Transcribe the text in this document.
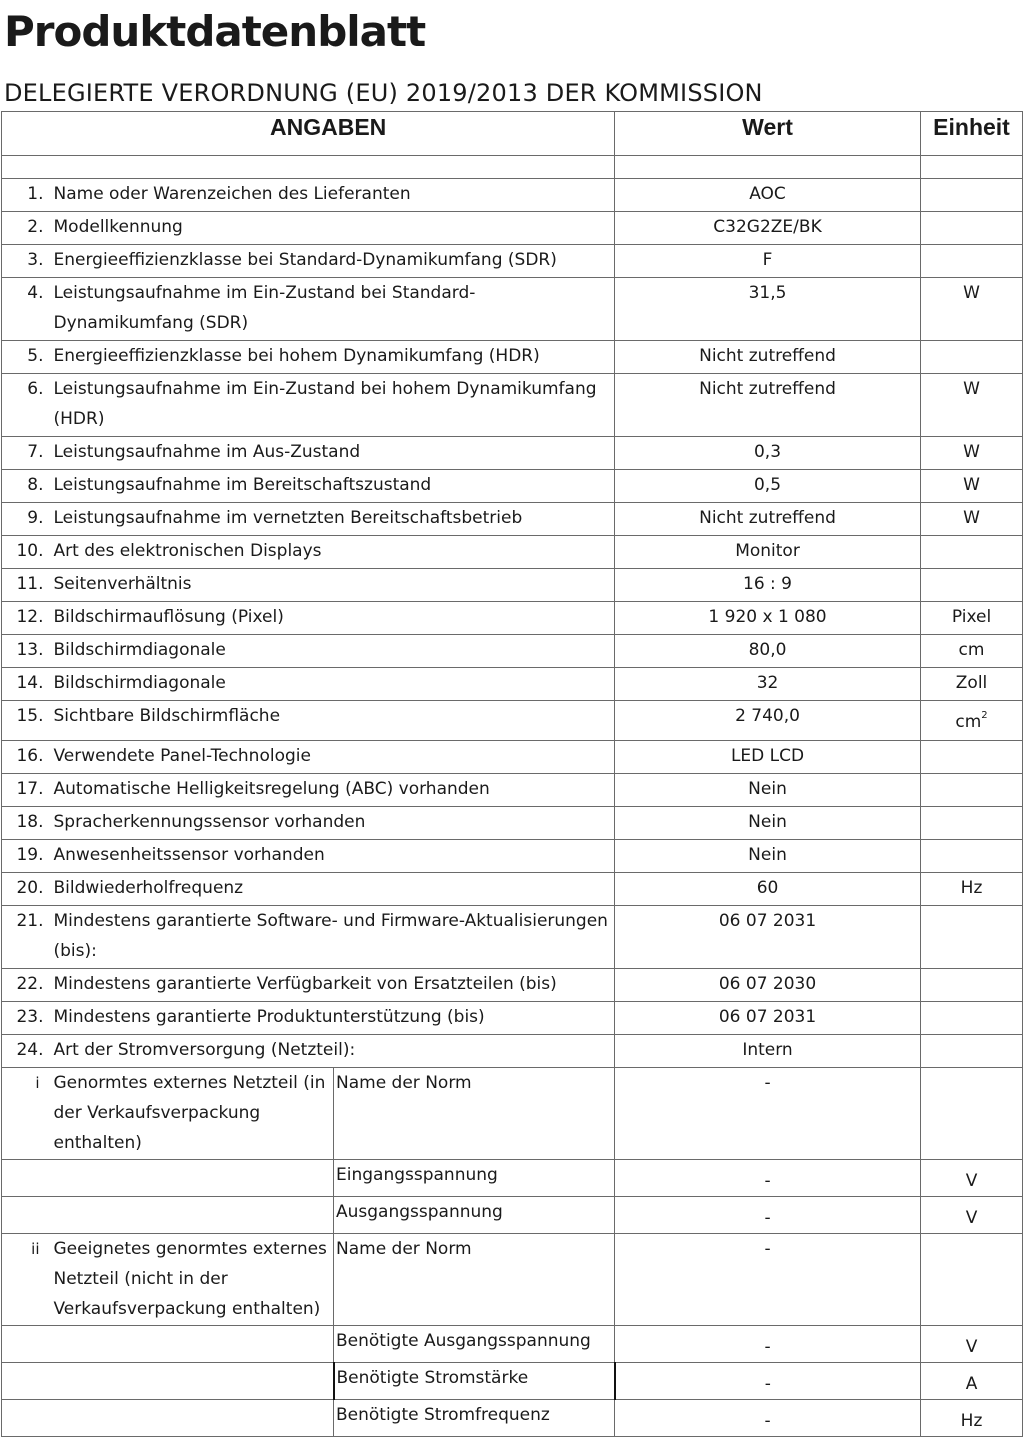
Produktdatenblatt
DELEGIERTE VERORDNUNG (EU) 2019/2013 DER KOMMISSION
ANGABEN			Wert	Einheit

1.	Name oder Warenzeichen des Lieferanten		AOC	
2.	Modellkennung		C32G2ZE/BK	
3.	Energieeffizienzklasse bei Standard-Dynamikumfang (SDR)		F	
4.	Leistungsaufnahme im Ein-Zustand bei Standard-Dynamikumfang (SDR)		31,5	W
5.	Energieeffizienzklasse bei hohem Dynamikumfang (HDR)		Nicht zutreffend	
6.	Leistungsaufnahme im Ein-Zustand bei hohem Dynamikumfang (HDR)		Nicht zutreffend	W
7.	Leistungsaufnahme im Aus-Zustand		0,3	W
8.	Leistungsaufnahme im Bereitschaftszustand		0,5	W
9.	Leistungsaufnahme im vernetzten Bereitschaftsbetrieb		Nicht zutreffend	W
10.	Art des elektronischen Displays		Monitor	
11.	Seitenverhältnis		16 : 9	
12.	Bildschirmauflösung (Pixel)		1 920 x 1 080	Pixel
13.	Bildschirmdiagonale		80,0	cm
14.	Bildschirmdiagonale		32	Zoll
15.	Sichtbare Bildschirmfläche		2 740,0	$cm^2$
16.	Verwendete Panel-Technologie		LED LCD	
17.	Automatische Helligkeitsregelung (ABC) vorhanden		Nein	
18.	Spracherkennungssensor vorhanden		Nein	
19.	Anwesenheitssensor vorhanden		Nein	
20.	Bildwiederholfrequenz		60	Hz
21.	Mindestens garantierte Software- und Firmware-Aktualisierungen (bis):		06 07 2031	
22.	Mindestens garantierte Verfügbarkeit von Ersatzteilen (bis)		06 07 2030	
23.	Mindestens garantierte Produktunterstützung (bis)		06 07 2031	
24.	Art der Stromversorgung (Netzteil):		Intern	
i	Genormtes externes Netzteil (in der Verkaufsverpackung enthalten)	Name der Norm	-	
		Eingangsspannung	-	V
		Ausgangsspannung	-	V
ii	Geeignetes genormtes externes Netzteil (nicht in der Verkaufsverpackung enthalten)	Name der Norm	-	
		Benötigte Ausgangsspannung	-	V
		Benötigte Stromstärke	-	A
		Benötigte Stromfrequenz	-	Hz
